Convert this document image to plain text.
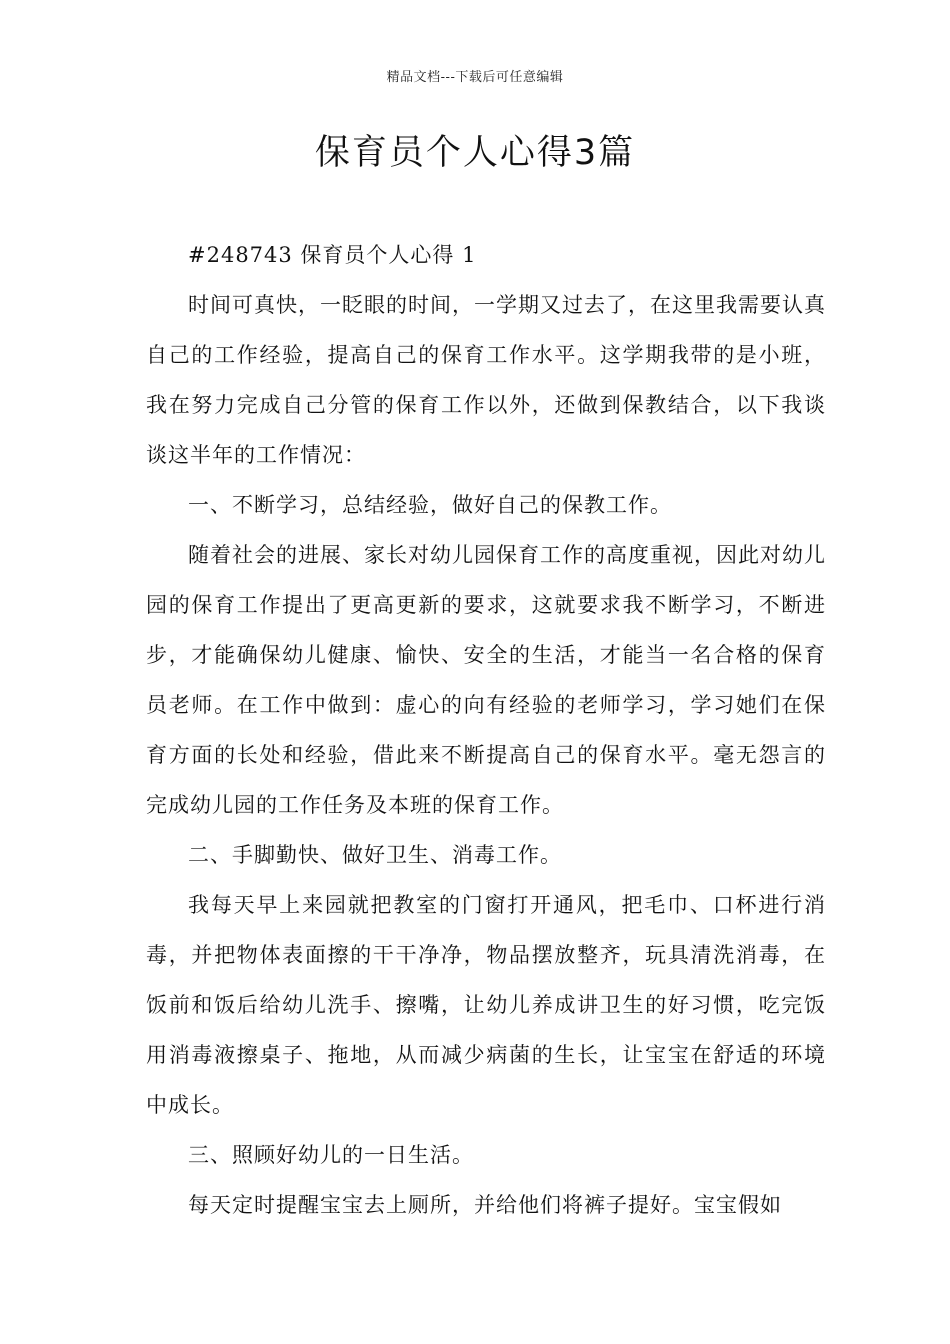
精品文档---下载后可任意编辑
保育员个人心得3篇

#248743 保育员个人心得 1

时间可真快，一眨眼的时间，一学期又过去了，在这里我需要认真自己的工作经验，提高自己的保育工作水平。这学期我带的是小班，我在努力完成自己分管的保育工作以外，还做到保教结合，以下我谈谈这半年的工作情况：

一、不断学习，总结经验，做好自己的保教工作。

随着社会的进展、家长对幼儿园保育工作的高度重视，因此对幼儿园的保育工作提出了更高更新的要求，这就要求我不断学习，不断进步，才能确保幼儿健康、愉快、安全的生活，才能当一名合格的保育员老师。在工作中做到：虚心的向有经验的老师学习，学习她们在保育方面的长处和经验，借此来不断提高自己的保育水平。毫无怨言的完成幼儿园的工作任务及本班的保育工作。

二、手脚勤快、做好卫生、消毒工作。

我每天早上来园就把教室的门窗打开通风，把毛巾、口杯进行消毒，并把物体表面擦的干干净净，物品摆放整齐，玩具清洗消毒，在饭前和饭后给幼儿洗手、擦嘴，让幼儿养成讲卫生的好习惯，吃完饭用消毒液擦桌子、拖地，从而减少病菌的生长，让宝宝在舒适的环境中成长。

三、照顾好幼儿的一日生活。

每天定时提醒宝宝去上厕所，并给他们将裤子提好。宝宝假如
